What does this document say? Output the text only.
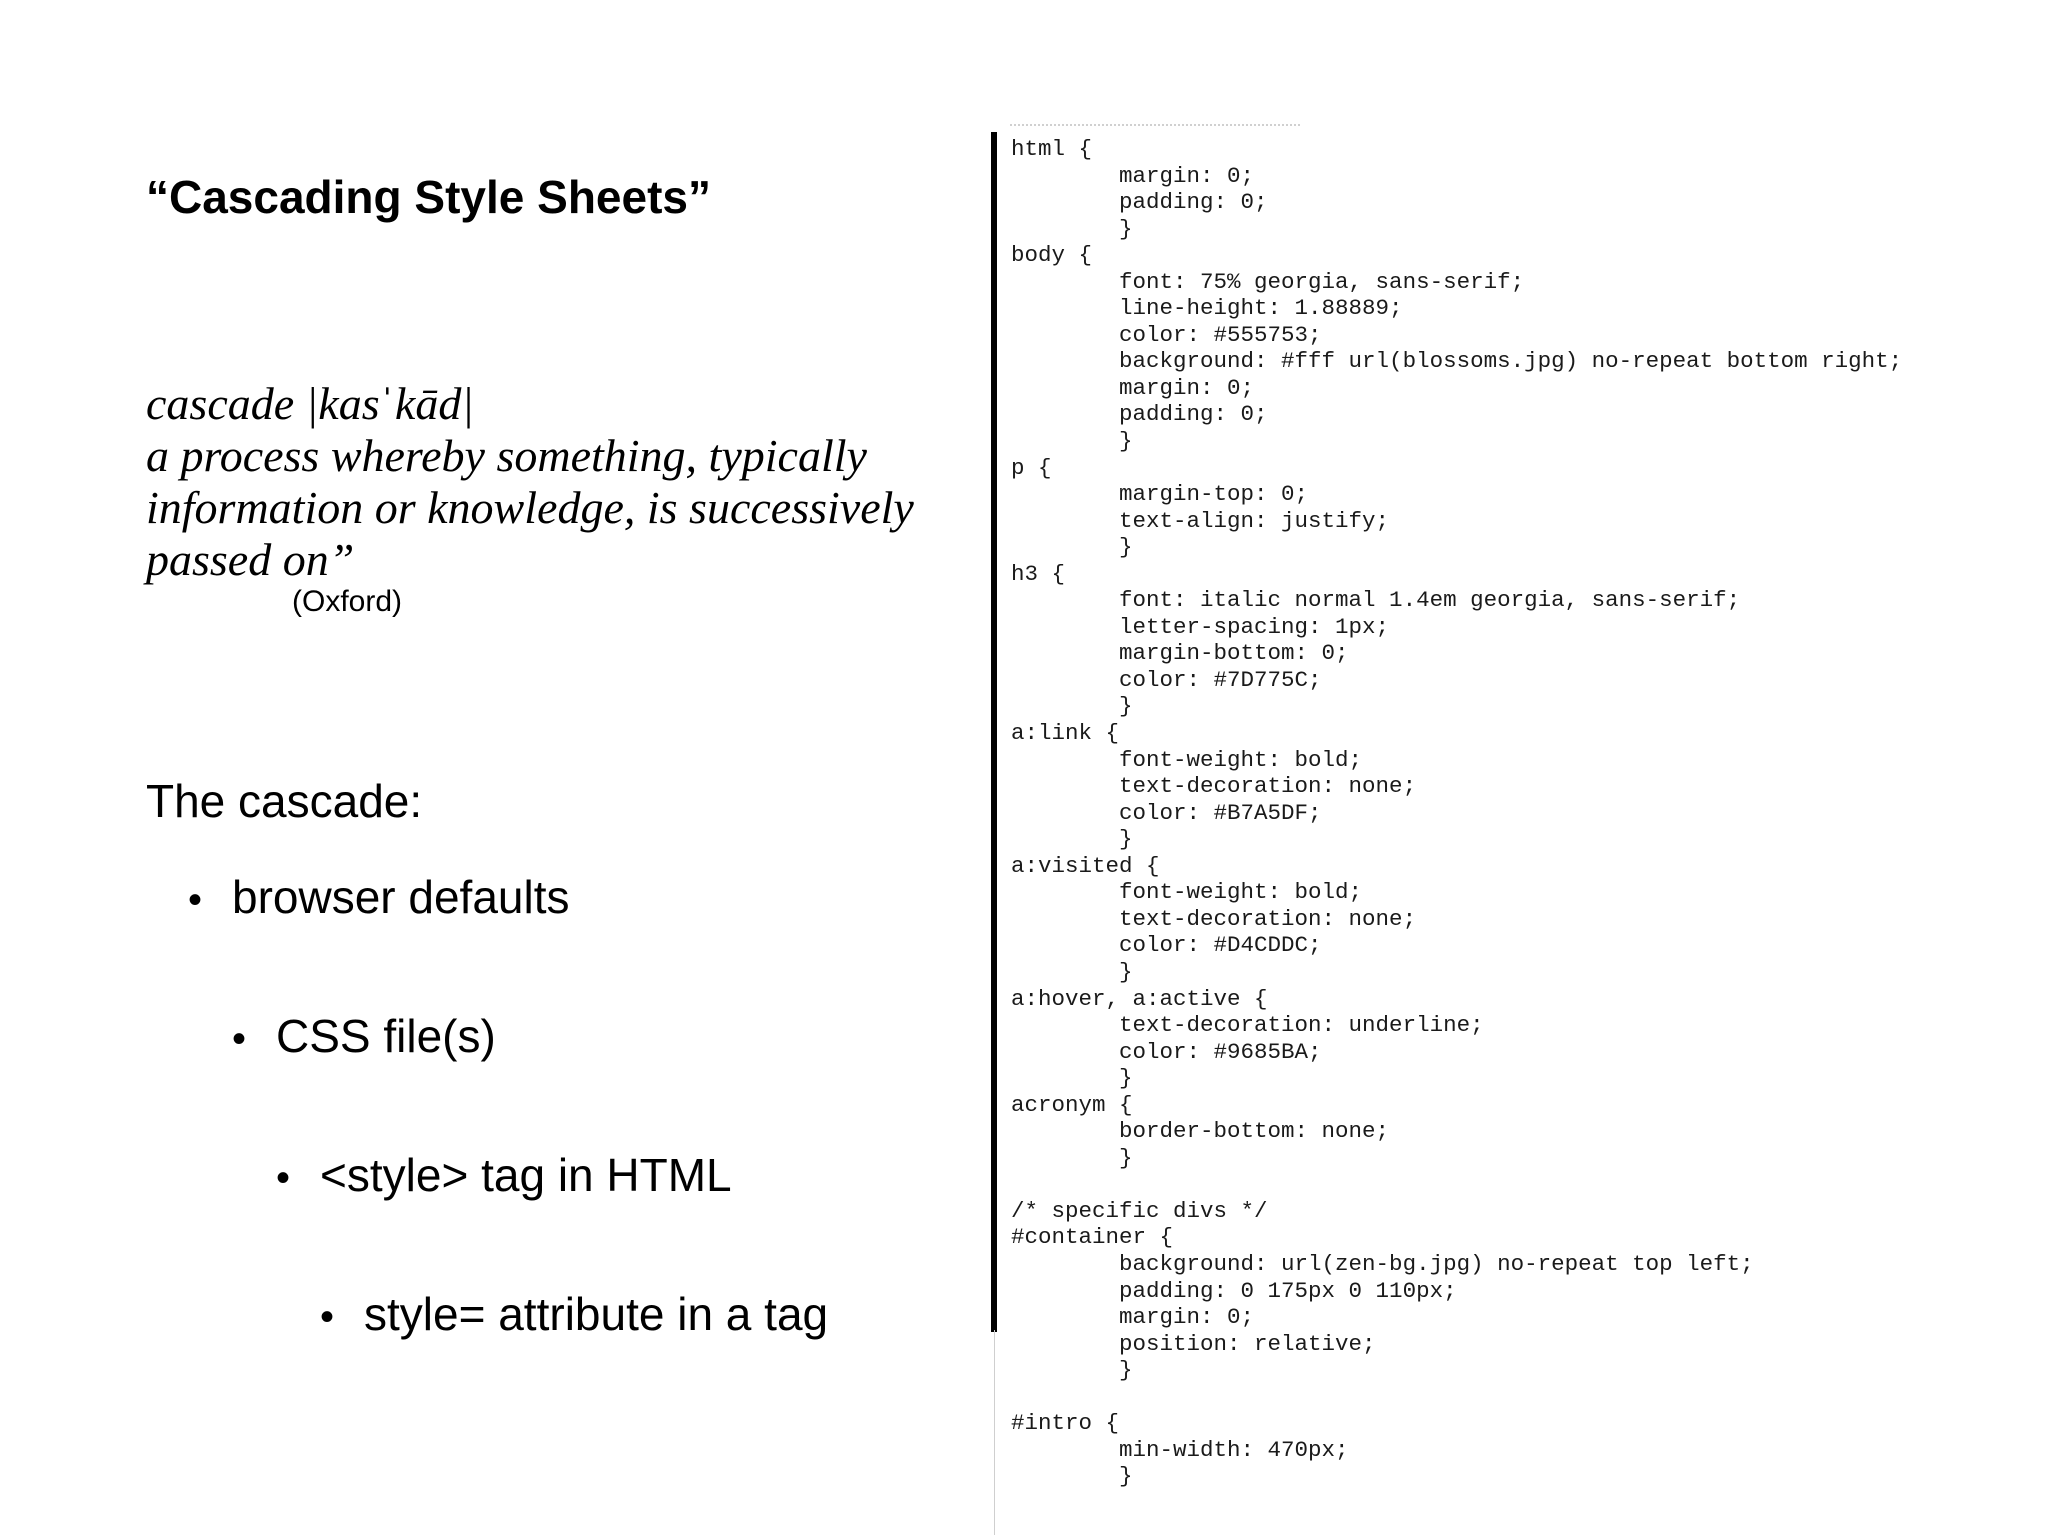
“Cascading Style Sheets”
cascade |kasˈkād|
a process whereby something, typically
information or knowledge, is successively
passed on”
(Oxford)
The cascade:
• browser defaults
• CSS file(s)
• <style> tag in HTML
• style= attribute in a tag
html {
margin: 0;
padding: 0;
}
body {
font: 75% georgia, sans-serif;
line-height: 1.88889;
color: #555753;
background: #fff url(blossoms.jpg) no-repeat bottom right;
margin: 0;
padding: 0;
}
p {
margin-top: 0;
text-align: justify;
}
h3 {
font: italic normal 1.4em georgia, sans-serif;
letter-spacing: 1px;
margin-bottom: 0;
color: #7D775C;
}
a:link {
font-weight: bold;
text-decoration: none;
color: #B7A5DF;
}
a:visited {
font-weight: bold;
text-decoration: none;
color: #D4CDDC;
}
a:hover, a:active {
text-decoration: underline;
color: #9685BA;
}
acronym {
border-bottom: none;
}

/* specific divs */
#container {
background: url(zen-bg.jpg) no-repeat top left;
padding: 0 175px 0 110px;
margin: 0;
position: relative;
}

#intro {
min-width: 470px;
}
